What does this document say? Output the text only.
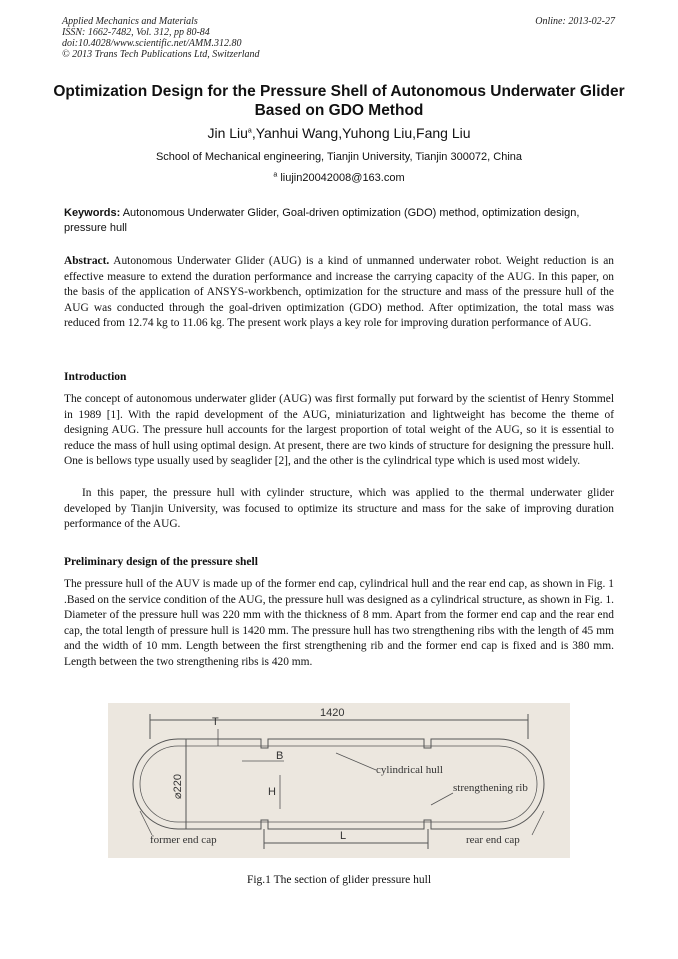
Applied Mechanics and Materials
ISSN: 1662-7482, Vol. 312, pp 80-84
doi:10.4028/www.scientific.net/AMM.312.80
© 2013 Trans Tech Publications Ltd, Switzerland
Online: 2013-02-27
Optimization Design for the Pressure Shell of Autonomous Underwater Glider Based on GDO Method
Jin Liu$^a$,Yanhui Wang,Yuhong Liu,Fang Liu
School of Mechanical engineering, Tianjin University, Tianjin 300072, China
$^a$ liujin20042008@163.com

Keywords: Autonomous Underwater Glider, Goal-driven optimization (GDO) method, optimization design, pressure hull

Abstract. Autonomous Underwater Glider (AUG) is a kind of unmanned underwater robot. Weight reduction is an effective measure to extend the duration performance and increase the carrying capacity of the AUG. In this paper, on the basis of the application of ANSYS-workbench, optimization for the structure and mass of the pressure hull of the AUG was conducted through the goal-driven optimization (GDO) method. After optimization, the total mass was reduced from 12.74 kg to 11.06 kg. The present work plays a key role for improving duration performance of AUG.

Introduction

The concept of autonomous underwater glider (AUG) was first formally put forward by the scientist of Henry Stommel in 1989 [1]. With the rapid development of the AUG, miniaturization and lightweight has become the theme of designing AUG. The pressure hull accounts for the largest proportion of total weight of the AUG, so it is essential to reduce the mass of hull using optimal design. At present, there are two kinds of structure for designing the pressure hull. One is bellows type usually used by seaglider [2], and the other is the cylindrical type which is used most widely.

In this paper, the pressure hull with cylinder structure, which was applied to the thermal underwater glider developed by Tianjin University, was focused to optimize its structure and mass for the sake of improving duration performance of the AUG.

Preliminary design of the pressure shell

The pressure hull of the AUV is made up of the former end cap, cylindrical hull and the rear end cap, as shown in Fig. 1 .Based on the service condition of the AUG, the pressure hull was designed as a cylindrical structure, as shown in Fig. 1. Diameter of the pressure hull was 220 mm with the thickness of 8 mm. Apart from the former end cap and the rear end cap, the total length of pressure hull is 1420 mm. The pressure hull has two strengthening ribs with the length of 45 mm and the width of 10 mm. Length between the first strengthening rib and the former end cap is fixed and is 380 mm. Length between the two strengthening ribs is 420 mm.

1420
T
B
H
⌀220
L
cylindrical hull
strengthening rib
former end cap	rear end cap
Fig.1 The section of glider pressure hull
